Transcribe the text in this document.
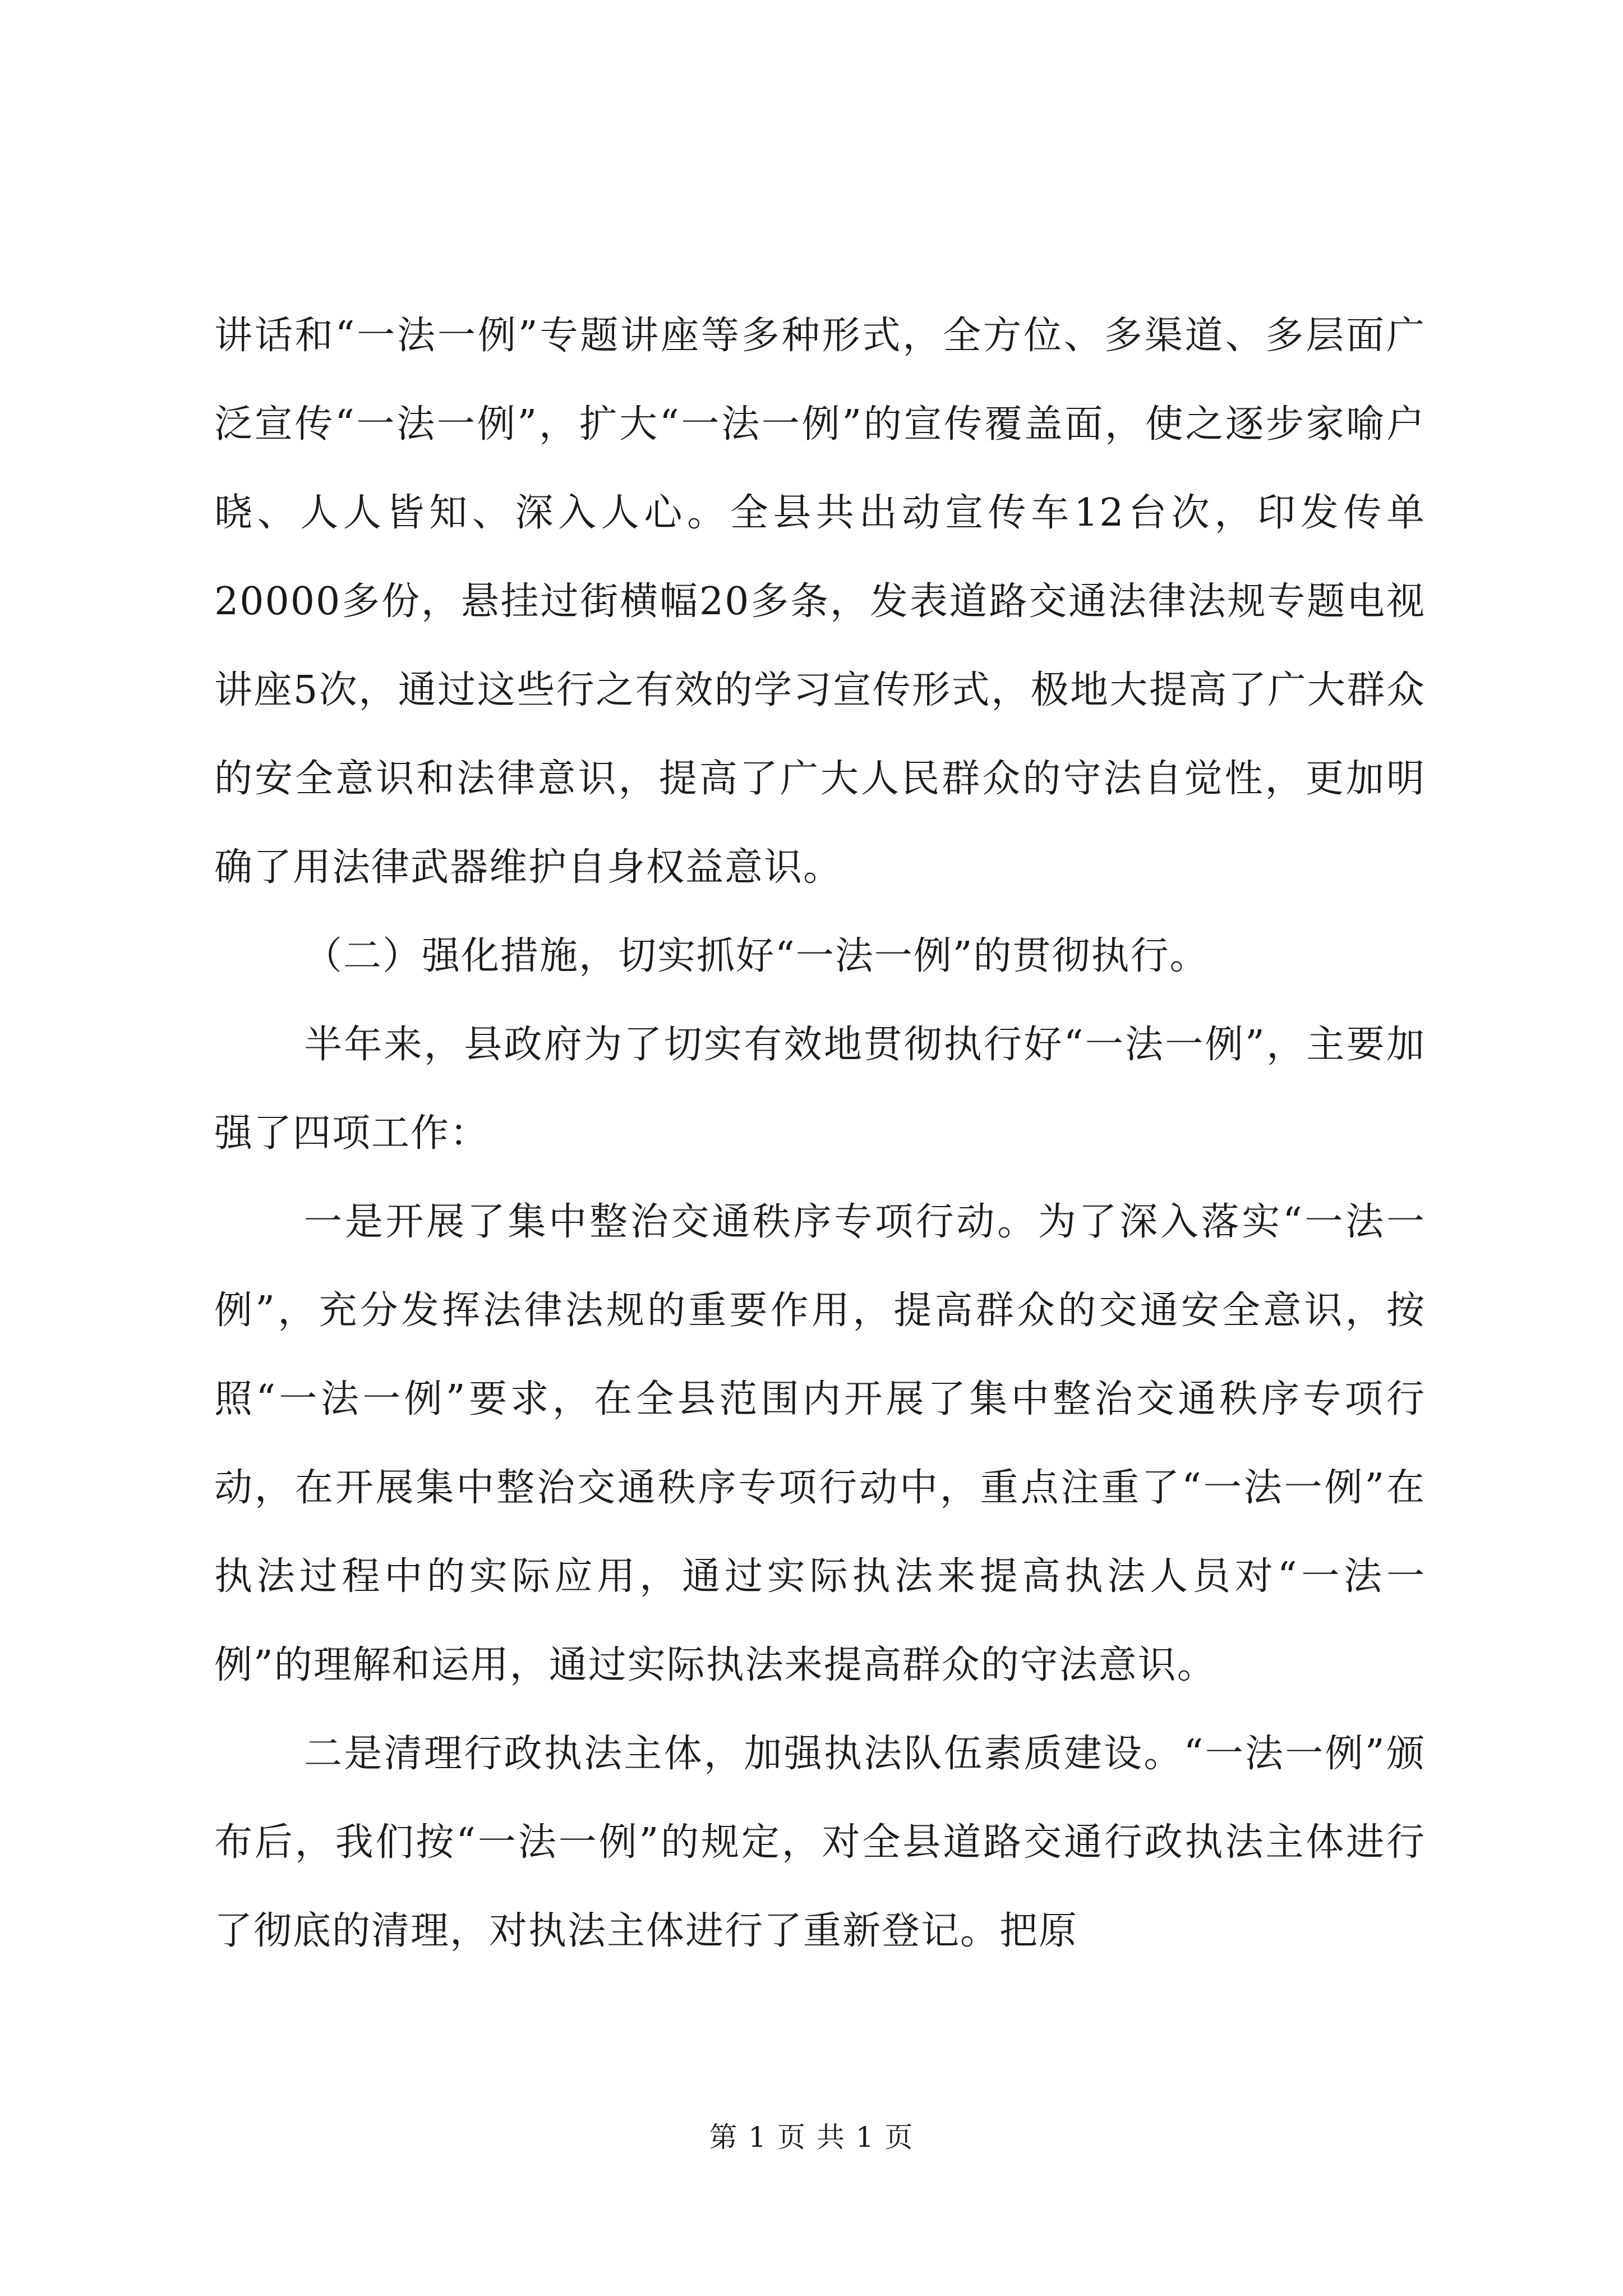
讲话和“一法一例”专题讲座等多种形式，全方位、多渠道、多层面广泛宣传“一法一例”，扩大“一法一例”的宣传覆盖面，使之逐步家喻户晓、人人皆知、深入人心。全县共出动宣传车12台次，印发传单20000多份，悬挂过街横幅20多条，发表道路交通法律法规专题电视讲座5次，通过这些行之有效的学习宣传形式，极地大提高了广大群众的安全意识和法律意识，提高了广大人民群众的守法自觉性，更加明确了用法律武器维护自身权益意识。

（二）强化措施，切实抓好“一法一例”的贯彻执行。

半年来，县政府为了切实有效地贯彻执行好“一法一例”，主要加强了四项工作：

一是开展了集中整治交通秩序专项行动。为了深入落实“一法一例”，充分发挥法律法规的重要作用，提高群众的交通安全意识，按照“一法一例”要求，在全县范围内开展了集中整治交通秩序专项行动，在开展集中整治交通秩序专项行动中，重点注重了“一法一例”在执法过程中的实际应用，通过实际执法来提高执法人员对“一法一例”的理解和运用，通过实际执法来提高群众的守法意识。

二是清理行政执法主体，加强执法队伍素质建设。“一法一例”颁布后，我们按“一法一例”的规定，对全县道路交通行政执法主体进行了彻底的清理，对执法主体进行了重新登记。把原

第 1 页 共 1 页
